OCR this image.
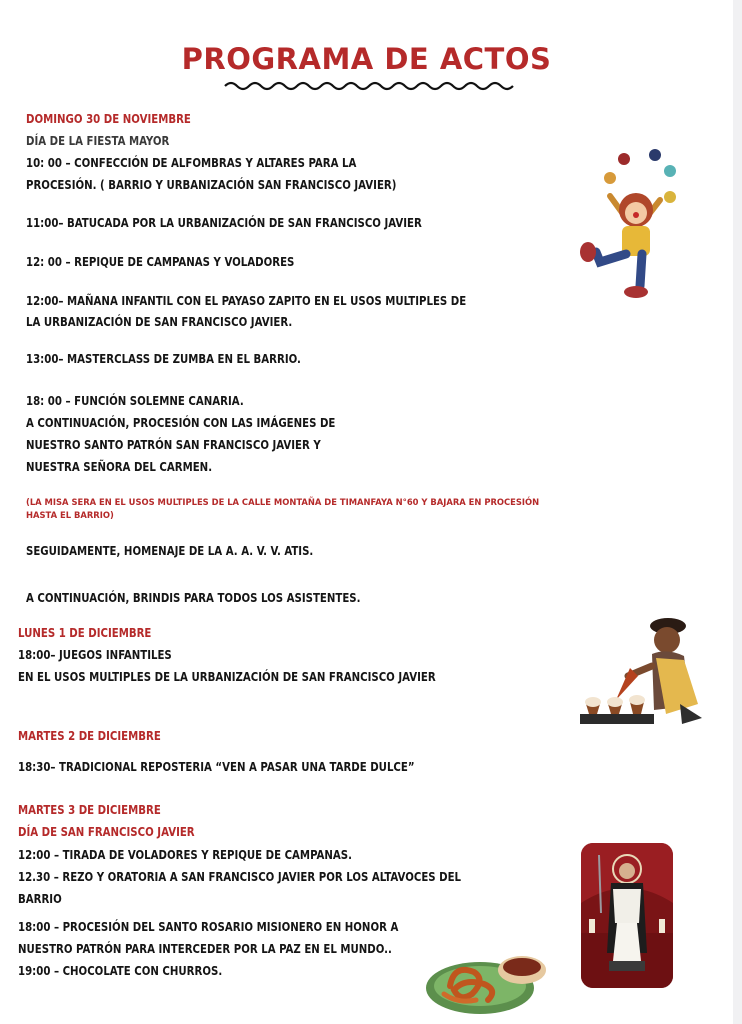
PROGRAMA DE ACTOS

DOMINGO 30 DE NOVIEMBRE

DÍA DE LA FIESTA MAYOR

10: 00 – CONFECCIÓN DE ALFOMBRAS Y ALTARES PARA LA

PROCESIÓN. ( BARRIO Y URBANIZACIÓN SAN FRANCISCO JAVIER)

11:00– BATUCADA POR LA URBANIZACIÓN DE SAN FRANCISCO JAVIER

12: 00 – REPIQUE DE CAMPANAS Y VOLADORES

12:00– MAÑANA INFANTIL CON EL PAYASO ZAPITO EN EL USOS MULTIPLES DE

LA URBANIZACIÓN DE SAN FRANCISCO JAVIER.

13:00– MASTERCLASS DE ZUMBA EN EL BARRIO.

18: 00 – FUNCIÓN SOLEMNE CANARIA.

A CONTINUACIÓN, PROCESIÓN CON LAS IMÁGENES DE

NUESTRO SANTO PATRÓN SAN FRANCISCO JAVIER Y

NUESTRA SEÑORA DEL CARMEN.

(LA MISA SERA EN EL USOS MULTIPLES DE LA CALLE MONTAÑA DE TIMANFAYA N°60 Y BAJARA EN PROCESIÓN

HASTA EL BARRIO)

SEGUIDAMENTE, HOMENAJE DE LA A. A. V. V. ATIS.

A CONTINUACIÓN, BRINDIS PARA TODOS LOS ASISTENTES.

LUNES 1 DE DICIEMBRE

18:00– JUEGOS INFANTILES

EN EL USOS MULTIPLES DE LA URBANIZACIÓN DE SAN FRANCISCO JAVIER

MARTES 2 DE DICIEMBRE

18:30– TRADICIONAL REPOSTERIA “VEN A PASAR UNA TARDE DULCE”

MARTES 3 DE DICIEMBRE

DÍA DE SAN FRANCISCO JAVIER

12:00 – TIRADA DE VOLADORES Y REPIQUE DE CAMPANAS.

12.30 – REZO Y ORATORIA A SAN FRANCISCO JAVIER POR LOS ALTAVOCES DEL

BARRIO

18:00 – PROCESIÓN DEL SANTO ROSARIO MISIONERO EN HONOR A

NUESTRO PATRÓN PARA INTERCEDER POR LA PAZ EN EL MUNDO..

19:00 – CHOCOLATE CON CHURROS.
